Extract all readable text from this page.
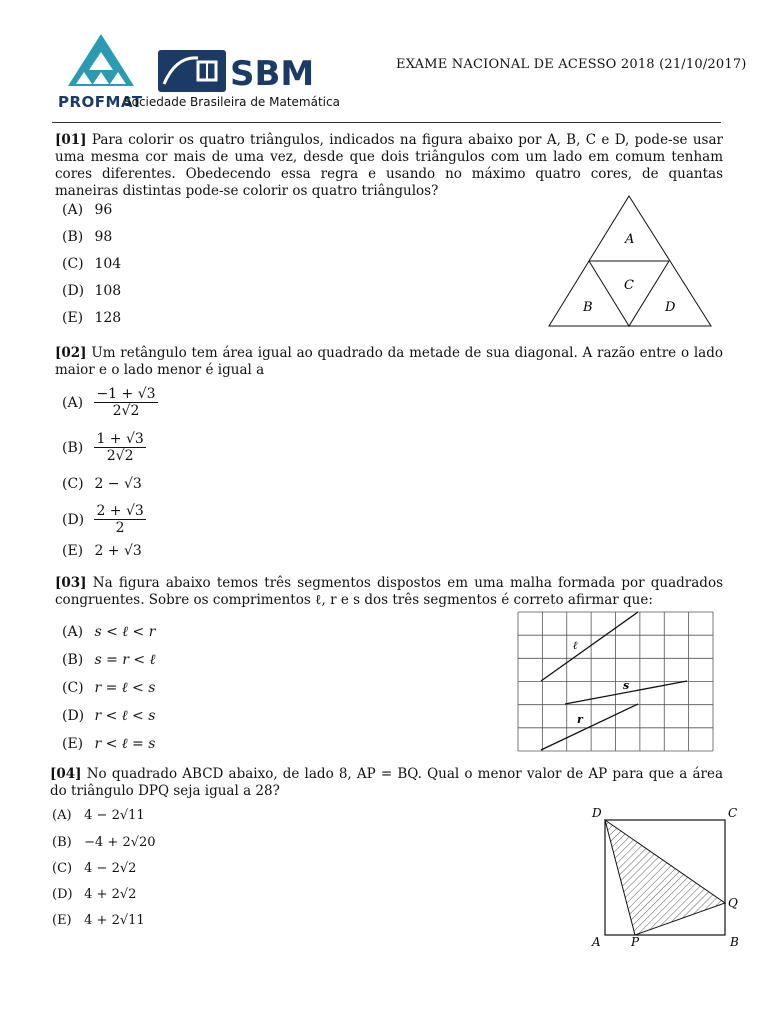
PROFMAT
SBM
Sociedade Brasileira de Matemática
EXAME NACIONAL DE ACESSO 2018 (21/10/2017)
[01] Para colorir os quatro triângulos, indicados na figura abaixo por A, B, C e D, pode-se usar uma mesma cor mais de uma vez, desde que dois triângulos com um lado em comum tenham cores diferentes. Obedecendo essa regra e usando no máximo quatro cores, de quantas maneiras distintas pode-se colorir os quatro triângulos?
(A) 96
(B) 98
(C) 104
(D) 108
(E) 128
A
B
C
D
[02] Um retângulo tem área igual ao quadrado da metade de sua diagonal. A razão entre o lado maior e o lado menor é igual a
$(A) \frac{-1 + √3}{2√2}$
$(B) \frac{1 + √3}{2√2}$
(C) 2 − √3
$(D) \frac{2 + √3}{2}$
(E) 2 + √3
[03] Na figura abaixo temos três segmentos dispostos em uma malha formada por quadrados congruentes. Sobre os comprimentos ℓ, r e s dos três segmentos é correto afirmar que:
(A) s < ℓ < r
(B) s = r < ℓ
(C) r = ℓ < s
(D) r < ℓ < s
(E) r < ℓ = s
ℓ
s
r
[04] No quadrado ABCD abaixo, de lado 8, AP = BQ. Qual o menor valor de AP para que a área do triângulo DPQ seja igual a 28?
(A) 4 − 2√11
(B) −4 + 2√20
(C) 4 − 2√2
(D) 4 + 2√2
(E) 4 + 2√11
D	C
Q
A	P	B
